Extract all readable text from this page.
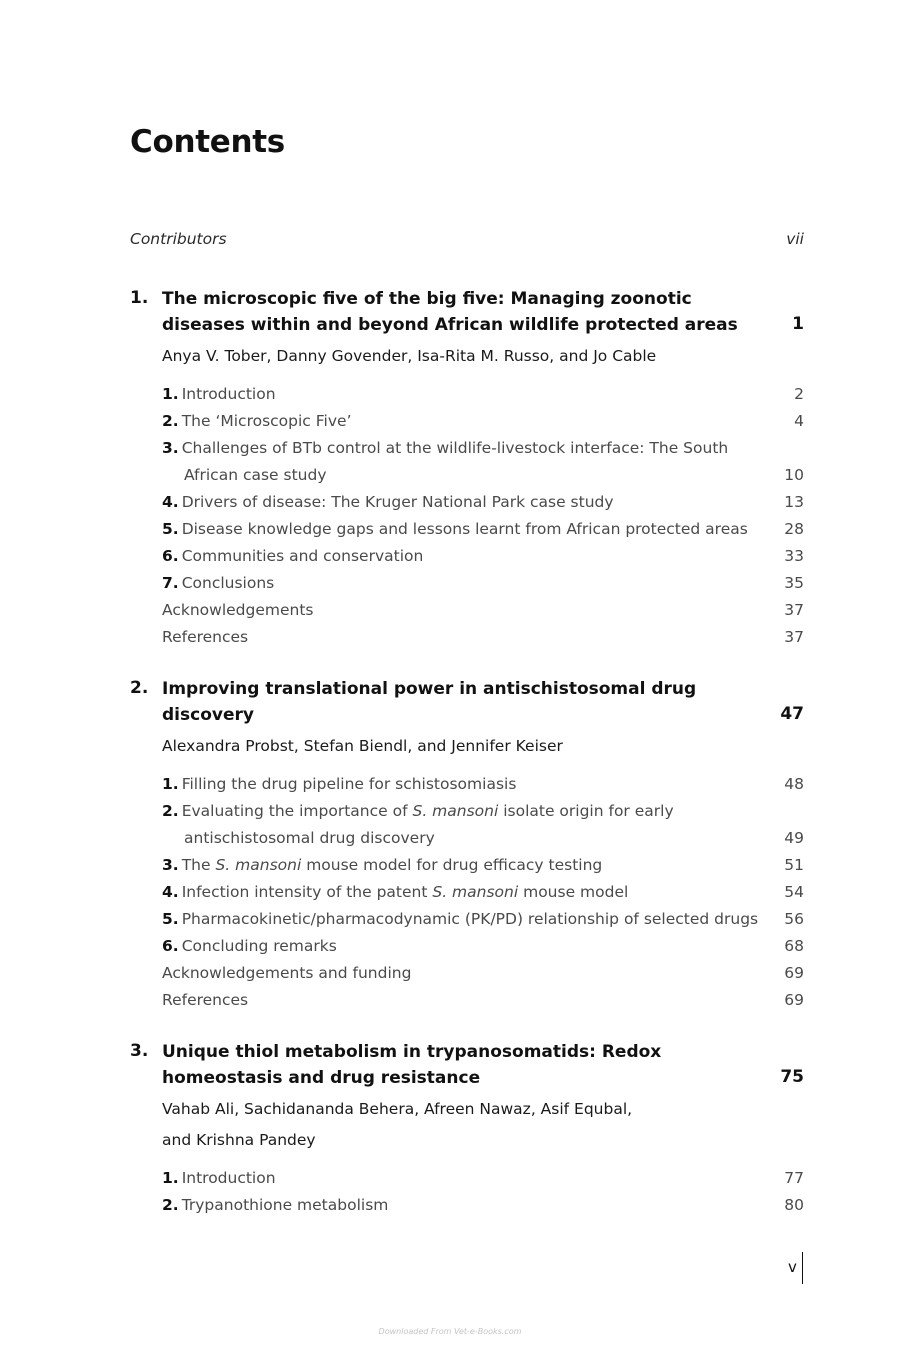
Contents
Contributors	vii
1. The microscopic five of the big five: Managing zoonotic diseases within and beyond African wildlife protected areas	1
Anya V. Tober, Danny Govender, Isa-Rita M. Russo, and Jo Cable
1. Introduction	2
2. The ‘Microscopic Five’	4
3. Challenges of BTb control at the wildlife-livestock interface: The South
African case study	10
4. Drivers of disease: The Kruger National Park case study	13
5. Disease knowledge gaps and lessons learnt from African protected areas 28
6. Communities and conservation	33
7. Conclusions	35
Acknowledgements	37
References	37
2. Improving translational power in antischistosomal drug discovery	47
Alexandra Probst, Stefan Biendl, and Jennifer Keiser
1. Filling the drug pipeline for schistosomiasis	48
2. Evaluating the importance of S. mansoni isolate origin for early
antischistosomal drug discovery	49
3. The S. mansoni mouse model for drug efficacy testing	51
4. Infection intensity of the patent S. mansoni mouse model	54
5. Pharmacokinetic/pharmacodynamic (PK/PD) relationship of selected drugs 56
6. Concluding remarks	68
Acknowledgements and funding	69
References	69
3. Unique thiol metabolism in trypanosomatids: Redox homeostasis and drug resistance	75
Vahab Ali, Sachidananda Behera, Afreen Nawaz, Asif Equbal,
and Krishna Pandey
1. Introduction	77
2. Trypanothione metabolism	80
v
Downloaded From Vet-e-Books.com
